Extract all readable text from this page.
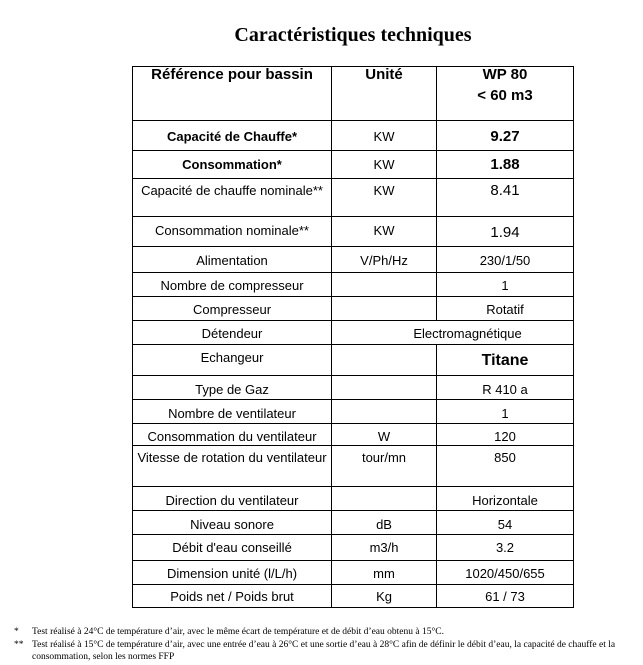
Caractéristiques techniques
Référence pour bassin	Unité	WP 80
< 60 m3

Capacité de Chauffe*	KW	9.27
Consommation*	KW	1.88
Capacité de chauffe nominale**	KW	8.41
Consommation nominale**	KW	1.94
Alimentation	V/Ph/Hz	230/1/50
Nombre de compresseur		1
Compresseur		Rotatif
Détendeur	Electromagnétique	
Echangeur		Titane
Type de Gaz		R 410 a
Nombre de ventilateur		1
Consommation du ventilateur	W	120
Vitesse de rotation du ventilateur	tour/mn	850
Direction du ventilateur		Horizontale
Niveau sonore	dB	54
Débit d'eau conseillé	m3/h	3.2
Dimension unité (l/L/h)	mm	1020/450/655
Poids net / Poids brut	Kg	61 / 73
* Test réalisé à 24°C de température d’air, avec le même écart de température et de débit d’eau obtenu à 15°C.
** Test réalisé à 15°C de température d’air, avec une entrée d’eau à 26°C et une sortie d’eau à 28°C afin de définir le débit d’eau, la capacité de chauffe et la consommation, selon les normes FFP
